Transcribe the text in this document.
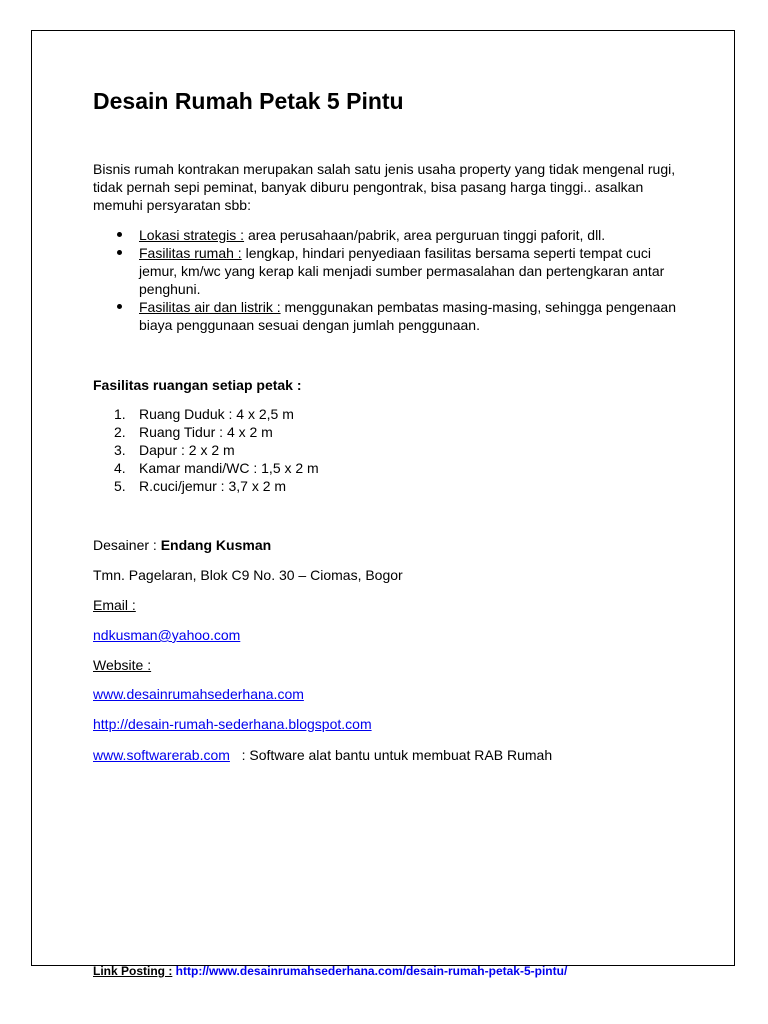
Desain Rumah Petak 5 Pintu

Bisnis rumah kontrakan merupakan salah satu jenis usaha property yang tidak mengenal rugi, tidak pernah sepi peminat, banyak diburu pengontrak, bisa pasang harga tinggi.. asalkan memuhi persyaratan sbb:

Lokasi strategis : area perusahaan/pabrik, area perguruan tinggi paforit, dll.
Fasilitas rumah : lengkap, hindari penyediaan fasilitas bersama seperti tempat cuci jemur, km/wc yang kerap kali menjadi sumber permasalahan dan pertengkaran antar penghuni.
Fasilitas air dan listrik : menggunakan pembatas masing-masing, sehingga pengenaan biaya penggunaan sesuai dengan jumlah penggunaan.

Fasilitas ruangan setiap petak :

1. Ruang Duduk : 4 x 2,5 m
2. Ruang Tidur : 4 x 2 m
3. Dapur : 2 x 2 m
4. Kamar mandi/WC : 1,5 x 2 m
5. R.cuci/jemur : 3,7 x 2 m

Desainer : Endang Kusman

Tmn. Pagelaran, Blok C9 No. 30 – Ciomas, Bogor

Email :

ndkusman@yahoo.com

Website :

www.desainrumahsederhana.com

http://desain-rumah-sederhana.blogspot.com

www.softwarerab.com   : Software alat bantu untuk membuat RAB Rumah

Link Posting : http://www.desainrumahsederhana.com/desain-rumah-petak-5-pintu/
